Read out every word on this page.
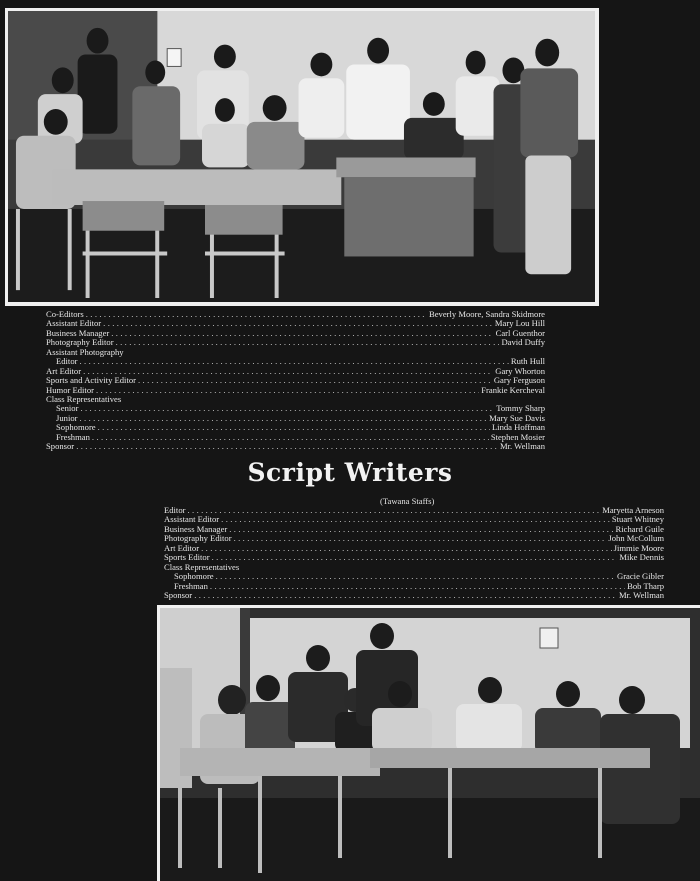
Co-Editors .....	Beverly Moore, Sandra Skidmore
Assistant Editor .....	Mary Lou Hill
Business Manager .....	Carl Guenthor
Photography Editor .....	David Duffy
Assistant Photography
Editor .....	Ruth Hull
Art Editor .....	Gary Whorton
Sports and Activity Editor .....	Gary Ferguson
Humor Editor .....	Frankie Kercheval
Class Representatives
Senior .....	Tommy Sharp
Junior .....	Mary Sue Davis
Sophomore .....	Linda Hoffman
Freshman .....	Stephen Mosier
Sponsor .....	Mr. Wellman
Script Writers
(Tawana Staffs)
Editor .....	Maryetta Arneson
Assistant Editor .....	Stuart Whitney
Business Manager .....	Richard Guile
Photography Editor .....	John McCollum
Art Editor .....	Jimmie Moore
Sports Editor .....	Mike Dennis
Class Representatives
Sophomore .....	Gracie Gibler
Freshman .....	Bob Tharp
Sponsor .....	Mr. Wellman
